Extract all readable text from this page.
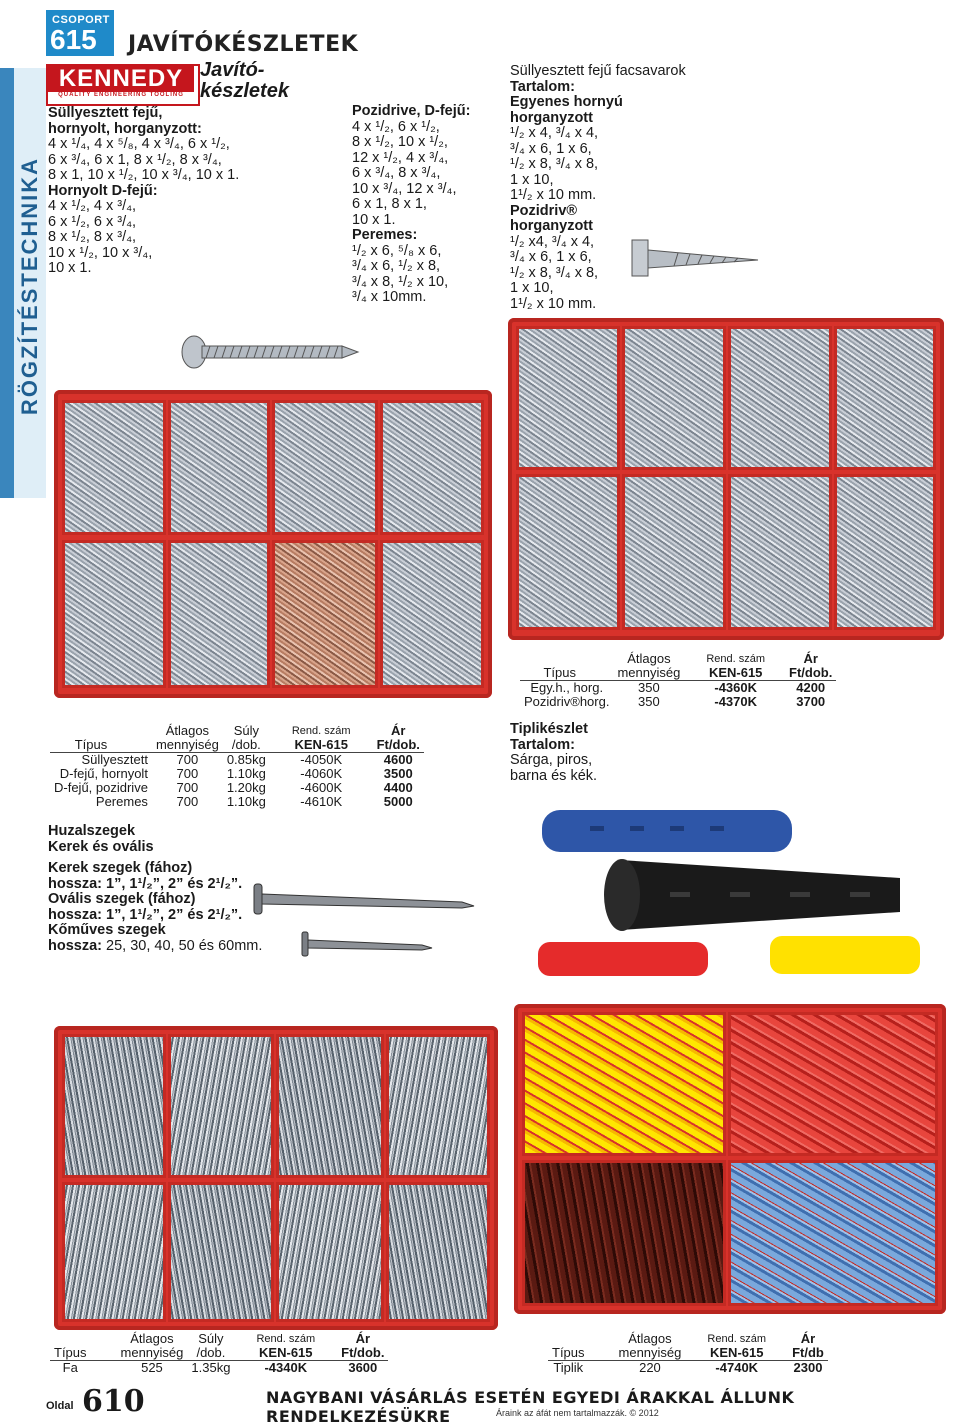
RÖGZÍTÉSTECHNIKA
CSOPORT
615 JAVÍTÓKÉSZLETEK
KENNEDY
QUALITY ENGINEERING TOOLING
Javító-
készletek
Süllyesztett fejű,
hornyolt, horganyzott:
4 x ¹/₄, 4 x ⁵/₈, 4 x ³/₄, 6 x ¹/₂,
6 x ³/₄, 6 x 1, 8 x ¹/₂, 8 x ³/₄,
8 x 1, 10 x ¹/₂, 10 x ³/₄, 10 x 1.
Hornyolt D-fejű:
4 x ¹/₂, 4 x ³/₄,
6 x ¹/₂, 6 x ³/₄,
8 x ¹/₂, 8 x ³/₄,
10 x ¹/₂, 10 x ³/₄,
10 x 1.
Pozidrive, D-fejű:
4 x ¹/₂, 6 x ¹/₂,
8 x ¹/₂, 10 x ¹/₂,
12 x ¹/₂, 4 x ³/₄,
6 x ³/₄, 8 x ³/₄,
10 x ³/₄, 12 x ³/₄,
6 x 1, 8 x 1,
10 x 1.
Peremes:
¹/₂ x 6, ⁵/₈ x 6,
³/₄ x 6, ¹/₂ x 8,
³/₄ x 8, ¹/₂ x 10,
³/₄ x 10mm.
Süllyesztett fejű facsavarok
Tartalom:
Egyenes hornyú
horganyzott
¹/₂ x 4, ³/₄ x 4,
³/₄ x 6, 1 x 6,
¹/₂ x 8, ³/₄ x 8,
1 x 10,
1¹/₂ x 10 mm.
Pozidriv®
horganyzott
¹/₂ x4, ³/₄ x 4,
³/₄ x 6, 1 x 6,
¹/₂ x 8, ³/₄ x 8,
1 x 10,
1¹/₂ x 10 mm.
Típus	Átlagos	Rend. szám	Ár
	mennyiség	KEN-615	Ft/dob.
Egy.h., horg.	350	-4360K	4200
Pozidriv®horg.	350	-4370K	3700
Típus	Átlagos	Súly	Rend. szám	Ár
	mennyiség	/dob.	KEN-615	Ft/dob.
Süllyesztett	700	0.85kg	-4050K	4600
D-fejű, hornyolt	700	1.10kg	-4060K	3500
D-fejű, pozidrive	700	1.20kg	-4600K	4400
Peremes	700	1.10kg	-4610K	5000
Tiplikészlet
Tartalom:
Sárga, piros,
barna és kék.
Huzalszegek
Kerek és ovális
Kerek szegek (fához)
hossza: 1”, 1¹/₂”, 2” és 2¹/₂”.
Ovális szegek (fához)
hossza: 1”, 1¹/₂”, 2” és 2¹/₂”.
Kőműves szegek
hossza: 25, 30, 40, 50 és 60mm.
Típus	Átlagos	Súly	Rend. szám	Ár
	mennyiség	/dob.	KEN-615	Ft/dob.
Fa	525	1.35kg	-4340K	3600
Típus	Átlagos	Rend. szám	Ár
	mennyiség	KEN-615	Ft/db
Tiplik	220	-4740K	2300
Oldal 610	NAGYBANI VÁSÁRLÁS ESETÉN EGYEDI ÁRAKKAL ÁLLUNK RENDELKEZÉSÜKRE	Áraink az áfát nem tartalmazzák. © 2012
